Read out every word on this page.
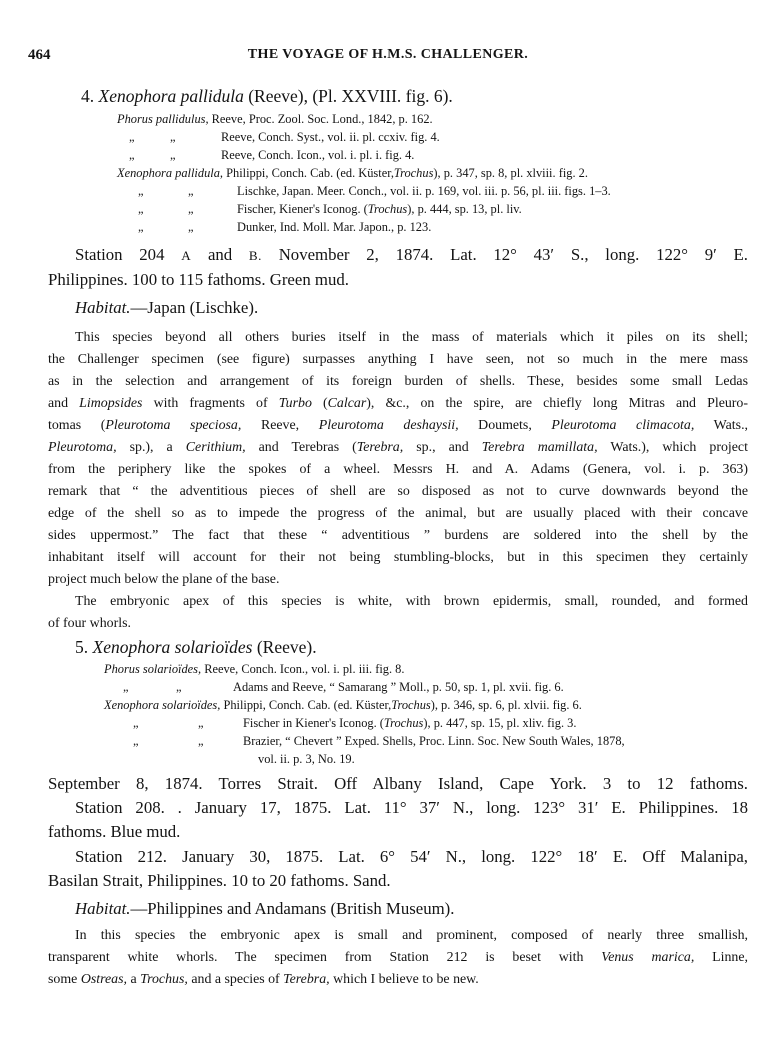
464	THE VOYAGE OF H.M.S. CHALLENGER.
4. Xenophora pallidula (Reeve), (Pl. XXVIII. fig. 6).
Phorus pallidulus, Reeve, Proc. Zool. Soc. Lond., 1842, p. 162.
„	„	Reeve, Conch. Syst., vol. ii. pl. ccxiv. fig. 4.
„	„	Reeve, Conch. Icon., vol. i. pl. i. fig. 4.
Xenophora pallidula, Philippi, Conch. Cab. (ed. Küster,Trochus), p. 347, sp. 8, pl. xlviii. fig. 2.
„	„	Lischke, Japan. Meer. Conch., vol. ii. p. 169, vol. iii. p. 56, pl. iii. figs. 1–3.
„	„	Fischer, Kiener's Iconog. (Trochus), p. 444, sp. 13, pl. liv.
„	„	Dunker, Ind. Moll. Mar. Japon., p. 123.
Station 204 A and B. November 2, 1874. Lat. 12° 43′ S., long. 122° 9′ E.
Philippines. 100 to 115 fathoms. Green mud.
Habitat.—Japan (Lischke).
This species beyond all others buries itself in the mass of materials which it piles on its shell;
the Challenger specimen (see figure) surpasses anything I have seen, not so much in the mere mass
as in the selection and arrangement of its foreign burden of shells. These, besides some small Ledas
and Limopsides with fragments of Turbo (Calcar), &c., on the spire, are chiefly long Mitras and Pleuro-
tomas (Pleurotoma speciosa, Reeve, Pleurotoma deshaysii, Doumets, Pleurotoma climacota, Wats.,
Pleurotoma, sp.), a Cerithium, and Terebras (Terebra, sp., and Terebra mamillata, Wats.), which project
from the periphery like the spokes of a wheel. Messrs H. and A. Adams (Genera, vol. i. p. 363)
remark that “ the adventitious pieces of shell are so disposed as not to curve downwards beyond the
edge of the shell so as to impede the progress of the animal, but are usually placed with their concave
sides uppermost.” The fact that these “ adventitious ” burdens are soldered into the shell by the
inhabitant itself will account for their not being stumbling-blocks, but in this specimen they certainly
project much below the plane of the base.
The embryonic apex of this species is white, with brown epidermis, small, rounded, and formed
of four whorls.
5. Xenophora solarioïdes (Reeve).
Phorus solarioïdes, Reeve, Conch. Icon., vol. i. pl. iii. fig. 8.
„	„	Adams and Reeve, “ Samarang ” Moll., p. 50, sp. 1, pl. xvii. fig. 6.
Xenophora solarioïdes, Philippi, Conch. Cab. (ed. Küster,Trochus), p. 346, sp. 6, pl. xlvii. fig. 6.
„	„	Fischer in Kiener's Iconog. (Trochus), p. 447, sp. 15, pl. xliv. fig. 3.
„	„	Brazier, “ Chevert ” Exped. Shells, Proc. Linn. Soc. New South Wales, 1878,
vol. ii. p. 3, No. 19.
September 8, 1874. Torres Strait. Off Albany Island, Cape York. 3 to 12 fathoms.
Station 208. . January 17, 1875. Lat. 11° 37′ N., long. 123° 31′ E. Philippines. 18
fathoms. Blue mud.
Station 212. January 30, 1875. Lat. 6° 54′ N., long. 122° 18′ E. Off Malanipa,
Basilan Strait, Philippines. 10 to 20 fathoms. Sand.
Habitat.—Philippines and Andamans (British Museum).
In this species the embryonic apex is small and prominent, composed of nearly three smallish,
transparent white whorls. The specimen from Station 212 is beset with Venus marica, Linne,
some Ostreas, a Trochus, and a species of Terebra, which I believe to be new.
